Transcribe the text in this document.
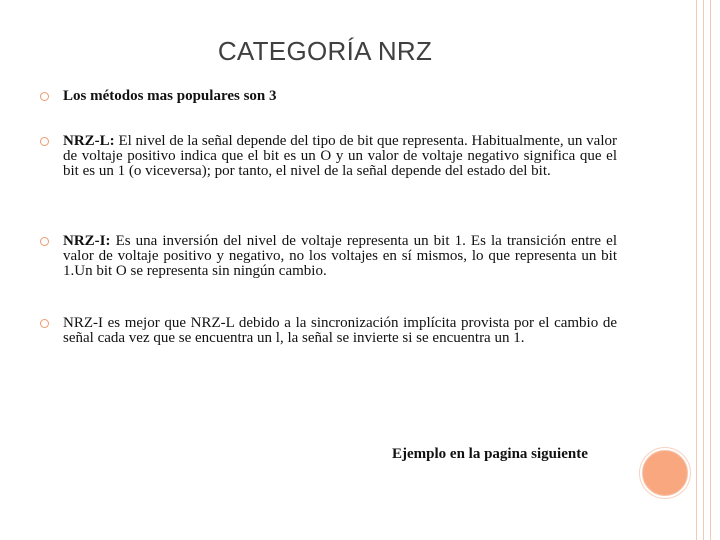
CATEGORÍA NRZ
Los métodos mas populares son 3
NRZ-L: El nivel de la señal depende del tipo de bit que representa. Habitualmente, un valor de voltaje positivo indica que el bit es un O y un valor de voltaje negativo significa que el bit es un 1 (o viceversa); por tanto, el nivel de la señal depende del estado del bit.
NRZ-I: Es una inversión del nivel de voltaje representa un bit 1. Es la transición entre el valor de voltaje positivo y negativo, no los voltajes en sí mismos, lo que representa un bit 1.Un bit O se representa sin ningún cambio.
NRZ-I es mejor que NRZ-L debido a la sincronización implícita provista por el cambio de señal cada vez que se encuentra un l, la señal se invierte si se encuentra un 1.
Ejemplo en la pagina siguiente
